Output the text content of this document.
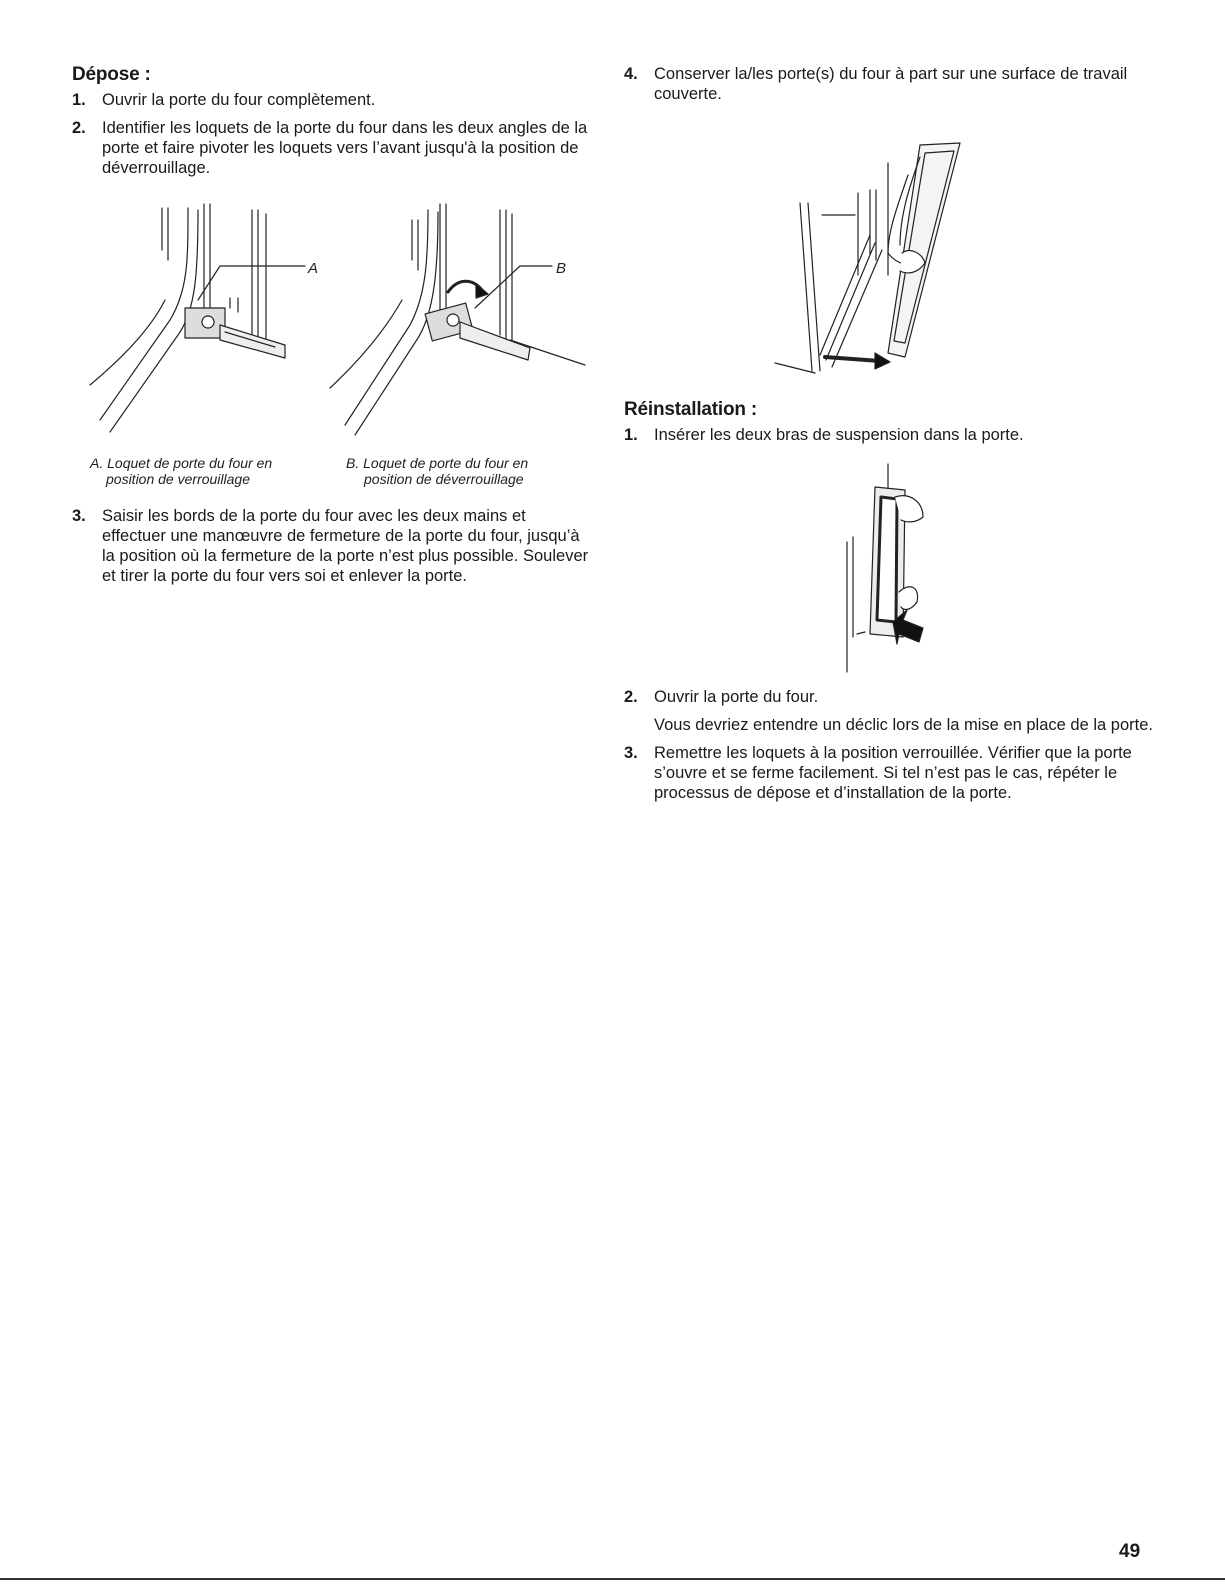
Dépose :
1. Ouvrir la porte du four complètement.

2. Identifier les loquets de la porte du four dans les deux angles de la porte et faire pivoter les loquets vers l’avant jusqu'à la position de déverrouillage.

A	B
A. Loquet de porte du four en
position de verrouillage
B. Loquet de porte du four en
position de déverrouillage
3. Saisir les bords de la porte du four avec les deux mains et effectuer une manœuvre de fermeture de la porte du four, jusqu’à la position où la fermeture de la porte n’est plus possible. Soulever et tirer la porte du four vers soi et enlever la porte.

4. Conserver la/les porte(s) du four à part sur une surface de travail couverte.

Réinstallation :
1. Insérer les deux bras de suspension dans la porte.

2. Ouvrir la porte du four.

Vous devriez entendre un déclic lors de la mise en place de la porte.

3. Remettre les loquets à la position verrouillée. Vérifier que la porte s’ouvre et se ferme facilement. Si tel n’est pas le cas, répéter le processus de dépose et d’installation de la porte.

49
